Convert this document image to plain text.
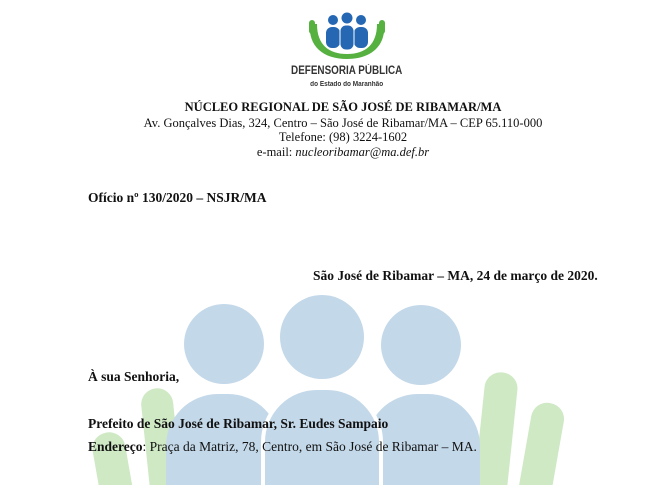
DEFENSORIA PÚBLICA
do Estado do Maranhão
NÚCLEO REGIONAL DE SÃO JOSÉ DE RIBAMAR/MA
Av. Gonçalves Dias, 324, Centro – São José de Ribamar/MA – CEP 65.110-000
Telefone: (98) 3224-1602
e-mail: nucleoribamar@ma.def.br
Ofício nº 130/2020 – NSJR/MA
São José de Ribamar – MA, 24 de março de 2020.
À sua Senhoria,
Prefeito de São José de Ribamar, Sr. Eudes Sampaio
Endereço: Praça da Matriz, 78, Centro, em São José de Ribamar – MA.
